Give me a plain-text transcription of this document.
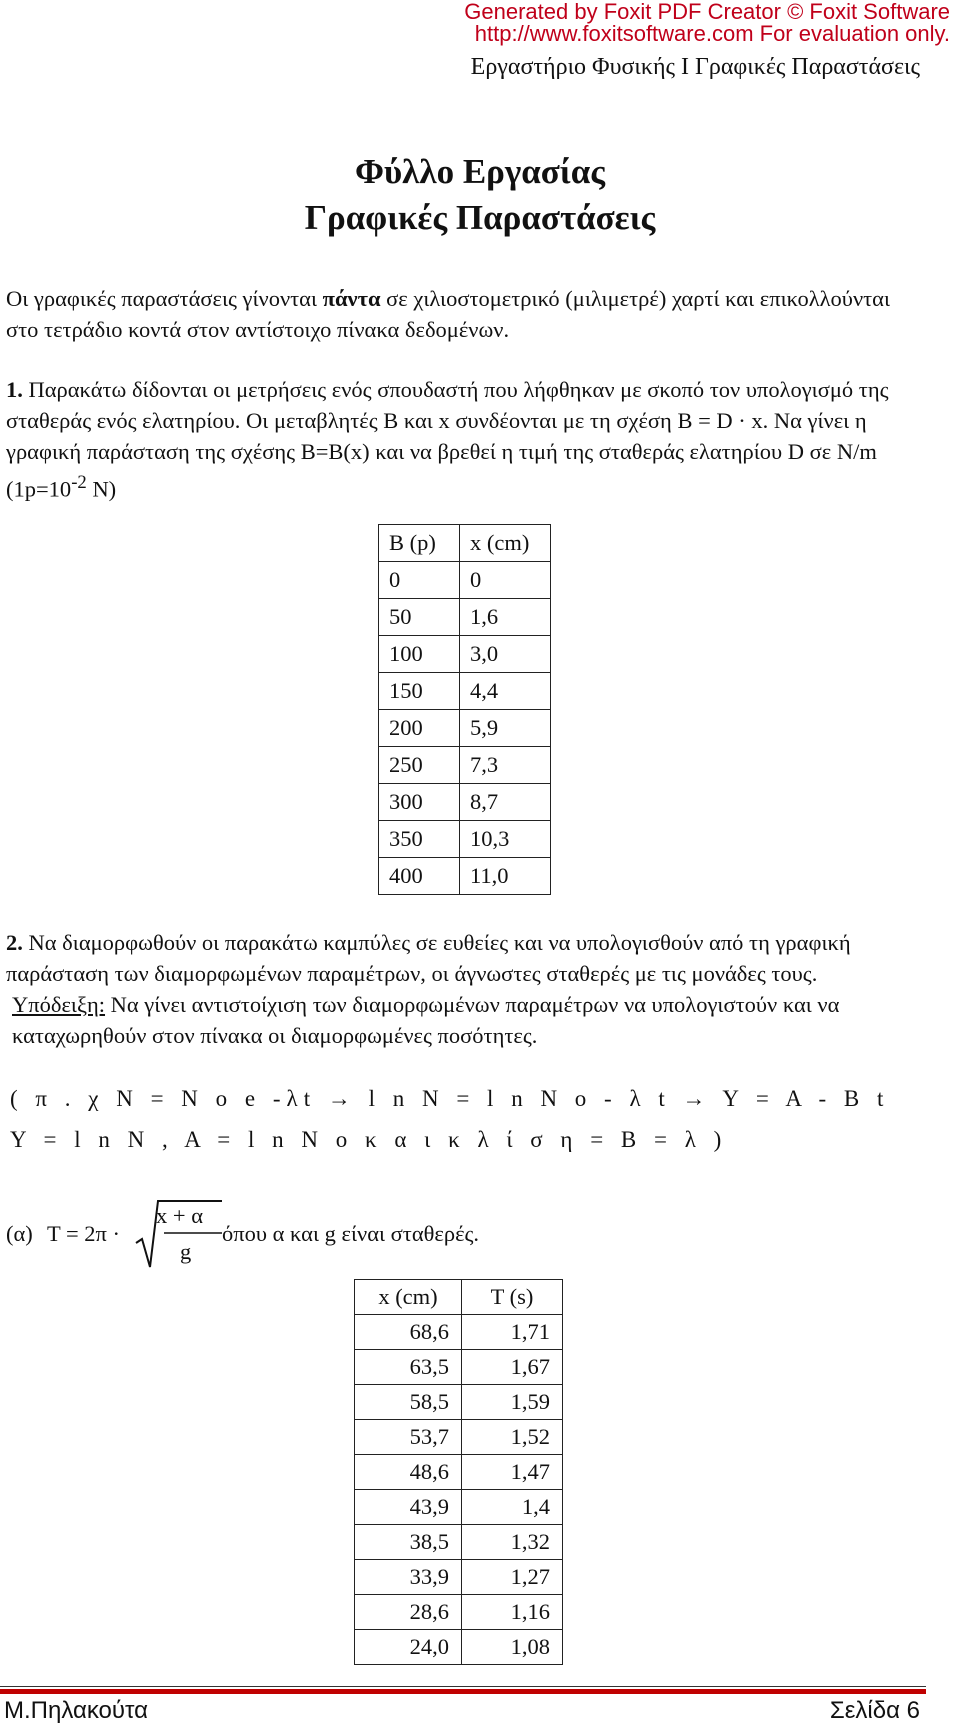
Generated by Foxit PDF Creator © Foxit Software
http://www.foxitsoftware.com For evaluation only.
Εργαστήριο Φυσικής Ι Γραφικές Παραστάσεις
Φύλλο Εργασίας
Γραφικές Παραστάσεις

Οι γραφικές παραστάσεις γίνονται πάντα σε χιλιοστομετρικό (μιλιμετρέ) χαρτί και επικολλούνται στο τετράδιο κοντά στον αντίστοιχο πίνακα δεδομένων.

1. Παρακάτω δίδονται οι μετρήσεις ενός σπουδαστή που λήφθηκαν με σκοπό τον υπολογισμό της σταθεράς ενός ελατηρίου. Οι μεταβλητές B και x συνδέονται με τη σχέση B = D · x. Να γίνει η γραφική παράσταση της σχέσης B=B(x) και να βρεθεί η τιμή της σταθεράς ελατηρίου D σε N/m ($1p=10^{-2}$ N)

B (p)	x (cm)
0	0
50	1,6
100	3,0
150	4,4
200	5,9
250	7,3
300	8,7
350	10,3
400	11,0

2. Να διαμορφωθούν οι παρακάτω καμπύλες σε ευθείες και να υπολογισθούν από τη γραφική παράσταση των διαμορφωμένων παραμέτρων, οι άγνωστες σταθερές με τις μονάδες τους.

Υπόδειξη: Να γίνει αντιστοίχιση των διαμορφωμένων παραμέτρων να υπολογιστούν και να καταχωρηθούν στον πίνακα οι διαμορφωμένες ποσότητες.

( π . χ N = N o e -λt → l n N = l n N o - λ t → Y = A - B t
Y = l n N , A = l n N o κ α ι κ λ ί σ η = B = λ )
(α) T = 2π ·
x + α
g
όπου α και g είναι σταθερές.
x (cm)	T (s)
68,6	1,71
63,5	1,67
58,5	1,59
53,7	1,52
48,6	1,47
43,9	1,4
38,5	1,32
33,9	1,27
28,6	1,16
24,0	1,08
Μ.Πηλακούτα	Σελίδα 6
